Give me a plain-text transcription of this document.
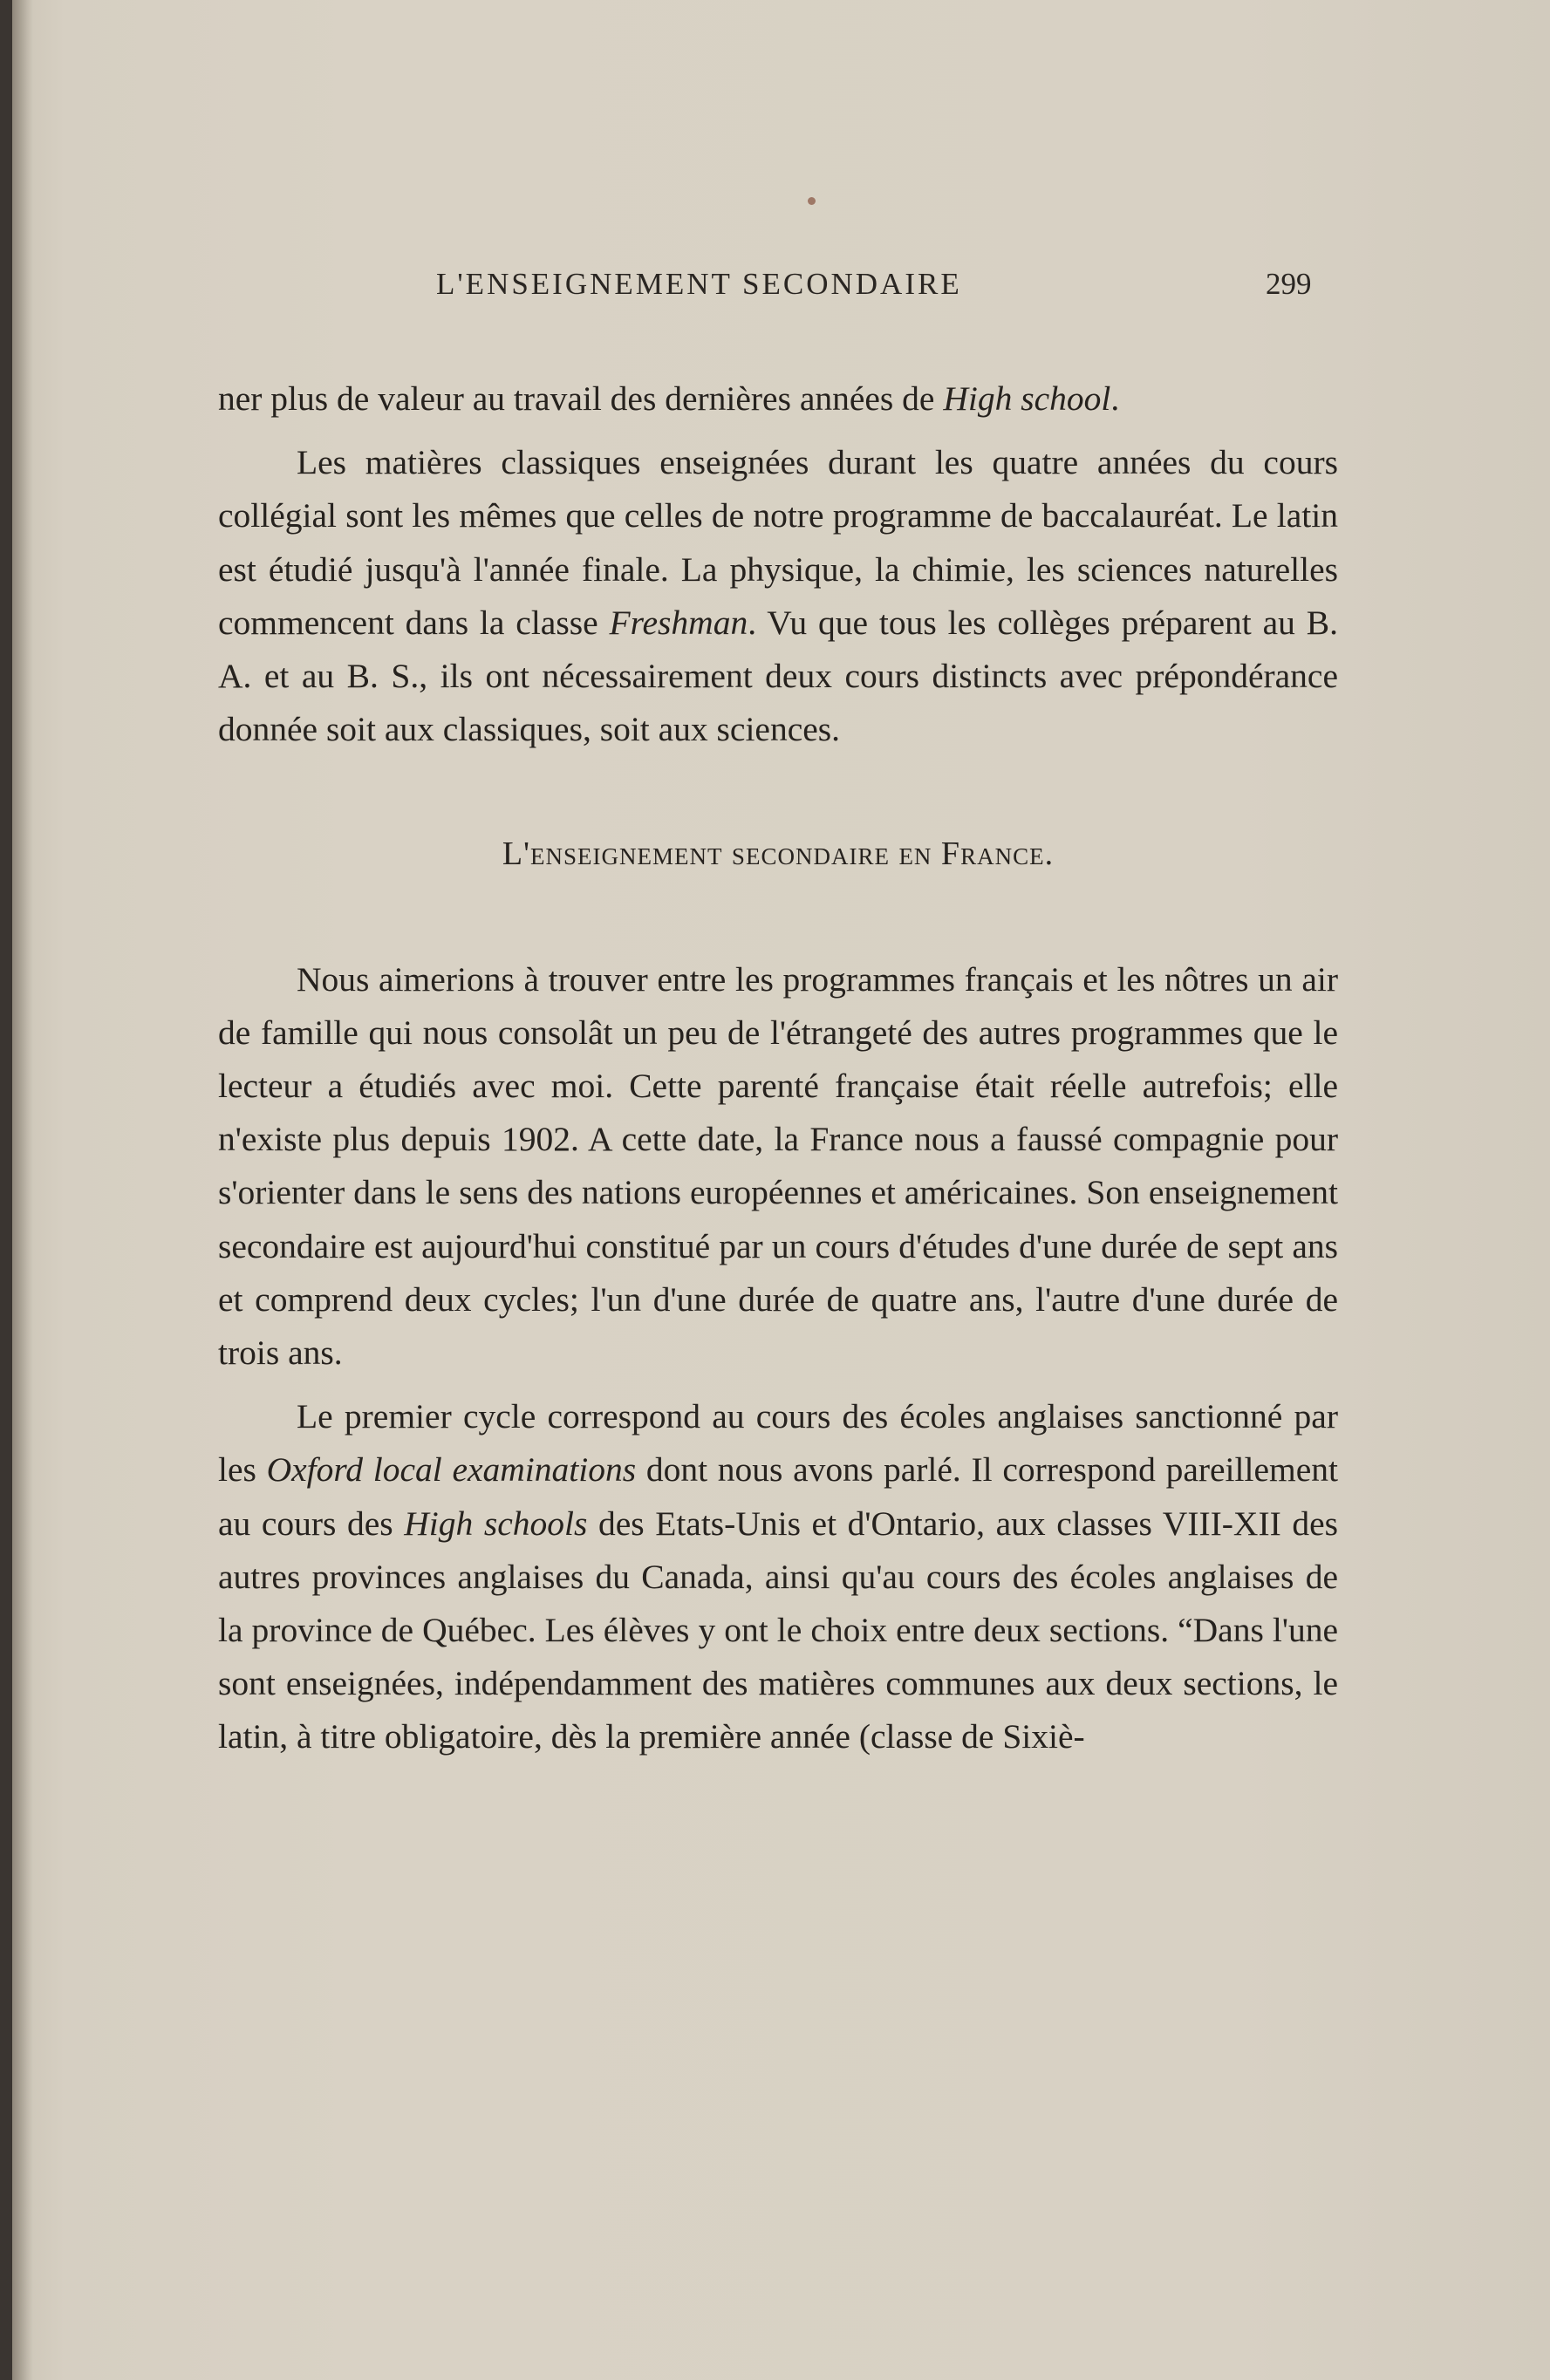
L'ENSEIGNEMENT SECONDAIRE	299

ner plus de valeur au travail des dernières années de High school.

Les matières classiques enseignées durant les quatre années du cours collégial sont les mêmes que celles de notre programme de baccalauréat. Le latin est étudié jusqu'à l'année finale. La physique, la chimie, les sciences naturelles commencent dans la classe Freshman. Vu que tous les collèges préparent au B. A. et au B. S., ils ont nécessairement deux cours distincts avec prépondérance donnée soit aux classiques, soit aux sciences.

L'enseignement secondaire en France.

Nous aimerions à trouver entre les programmes français et les nôtres un air de famille qui nous consolât un peu de l'étrangeté des autres programmes que le lecteur a étudiés avec moi. Cette parenté française était réelle autrefois; elle n'existe plus depuis 1902. A cette date, la France nous a faussé compagnie pour s'orienter dans le sens des nations européennes et américaines. Son enseignement secondaire est aujourd'hui constitué par un cours d'études d'une durée de sept ans et comprend deux cycles; l'un d'une durée de quatre ans, l'autre d'une durée de trois ans.

Le premier cycle correspond au cours des écoles anglaises sanctionné par les Oxford local examinations dont nous avons parlé. Il correspond pareillement au cours des High schools des Etats-Unis et d'Ontario, aux classes VIII-XII des autres provinces anglaises du Canada, ainsi qu'au cours des écoles anglaises de la province de Québec. Les élèves y ont le choix entre deux sections. “Dans l'une sont enseignées, indépendamment des matières communes aux deux sections, le latin, à titre obligatoire, dès la première année (classe de Sixiè-
